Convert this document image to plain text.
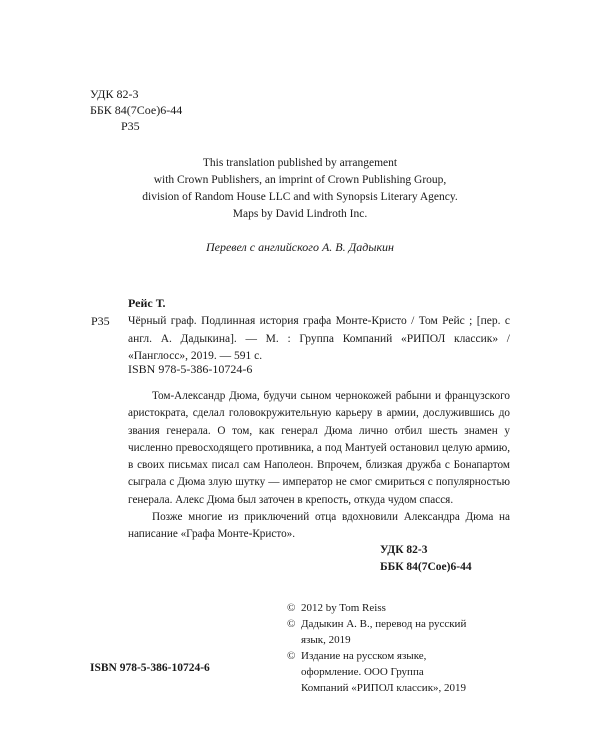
УДК 82-3
ББК 84(7Сое)6-44
Р35
This translation published by arrangement
with Crown Publishers, an imprint of Crown Publishing Group,
division of Random House LLC and with Synopsis Literary Agency.
Maps by David Lindroth Inc.
Перевел с английского А. В. Дадыкин
Рейс Т.
Р35 Чёрный граф. Подлинная история графа Монте-Кристо / Том Рейс ; [пер. с англ. А. Дадыкина]. — М. : Группа Компаний «РИПОЛ классик» / «Панглосс», 2019. — 591 с.
ISBN 978-5-386-10724-6

Том-Александр Дюма, будучи сыном чернокожей рабыни и французского аристократа, сделал головокружительную карьеру в армии, дослужившись до звания генерала. О том, как генерал Дюма лично отбил шесть знамен у численно превосходящего противника, а под Мантуей остановил целую армию, в своих письмах писал сам Наполеон. Впрочем, близкая дружба с Бонапартом сыграла с Дюма злую шутку — император не смог смириться с популярностью генерала. Алекс Дюма был заточен в крепость, откуда чудом спасся.

Позже многие из приключений отца вдохновили Александра Дюма на написание «Графа Монте-Кристо».

УДК 82-3
ББК 84(7Сое)6-44
© 2012 by Tom Reiss
© Дадыкин А. В., перевод на русский
язык, 2019
© Издание на русском языке,
оформление. ООО Группа
Компаний «РИПОЛ классик», 2019
ISBN 978-5-386-10724-6
